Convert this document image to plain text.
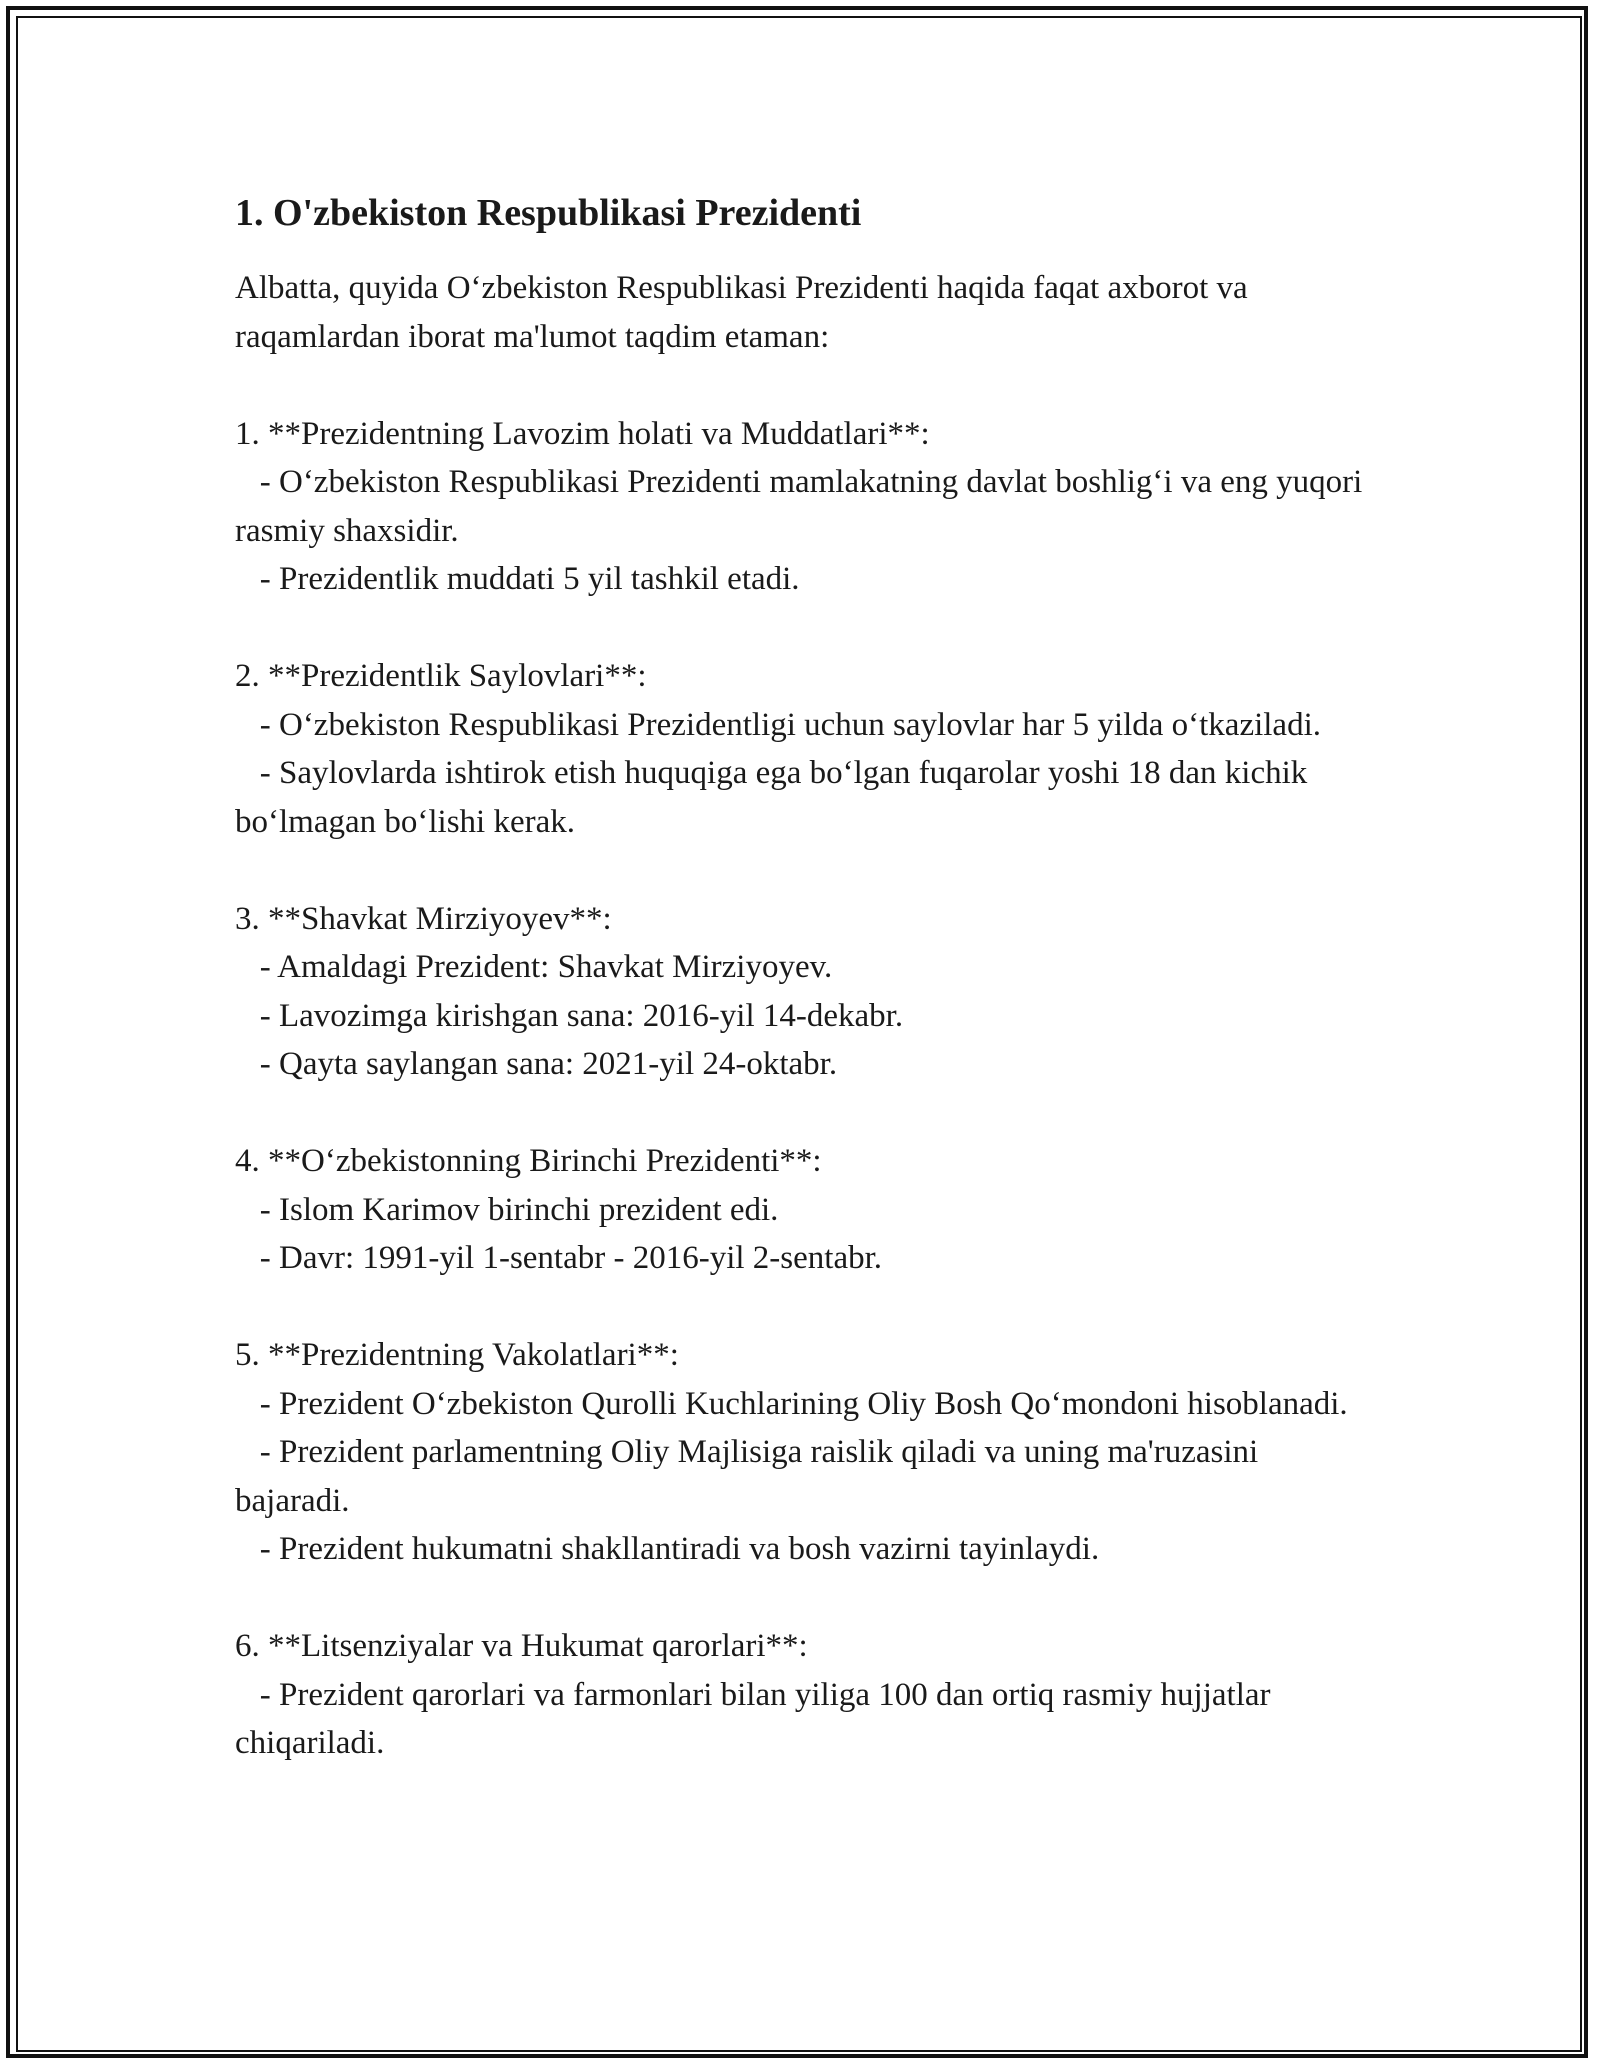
1. O'zbekiston Respublikasi Prezidenti

Albatta, quyida O‘zbekiston Respublikasi Prezidenti haqida faqat axborot va raqamlardan iborat ma'lumot taqdim etaman:

1. **Prezidentning Lavozim holati va Muddatlari**:

- O‘zbekiston Respublikasi Prezidenti mamlakatning davlat boshlig‘i va eng yuqori rasmiy shaxsidir.

- Prezidentlik muddati 5 yil tashkil etadi.

2. **Prezidentlik Saylovlari**:

- O‘zbekiston Respublikasi Prezidentligi uchun saylovlar har 5 yilda o‘tkaziladi.

- Saylovlarda ishtirok etish huquqiga ega bo‘lgan fuqarolar yoshi 18 dan kichik bo‘lmagan bo‘lishi kerak.

3. **Shavkat Mirziyoyev**:

- Amaldagi Prezident: Shavkat Mirziyoyev.

- Lavozimga kirishgan sana: 2016-yil 14-dekabr.

- Qayta saylangan sana: 2021-yil 24-oktabr.

4. **O‘zbekistonning Birinchi Prezidenti**:

- Islom Karimov birinchi prezident edi.

- Davr: 1991-yil 1-sentabr - 2016-yil 2-sentabr.

5. **Prezidentning Vakolatlari**:

- Prezident O‘zbekiston Qurolli Kuchlarining Oliy Bosh Qo‘mondoni hisoblanadi.

- Prezident parlamentning Oliy Majlisiga raislik qiladi va uning ma'ruzasini bajaradi.

- Prezident hukumatni shakllantiradi va bosh vazirni tayinlaydi.

6. **Litsenziyalar va Hukumat qarorlari**:

- Prezident qarorlari va farmonlari bilan yiliga 100 dan ortiq rasmiy hujjatlar chiqariladi.
